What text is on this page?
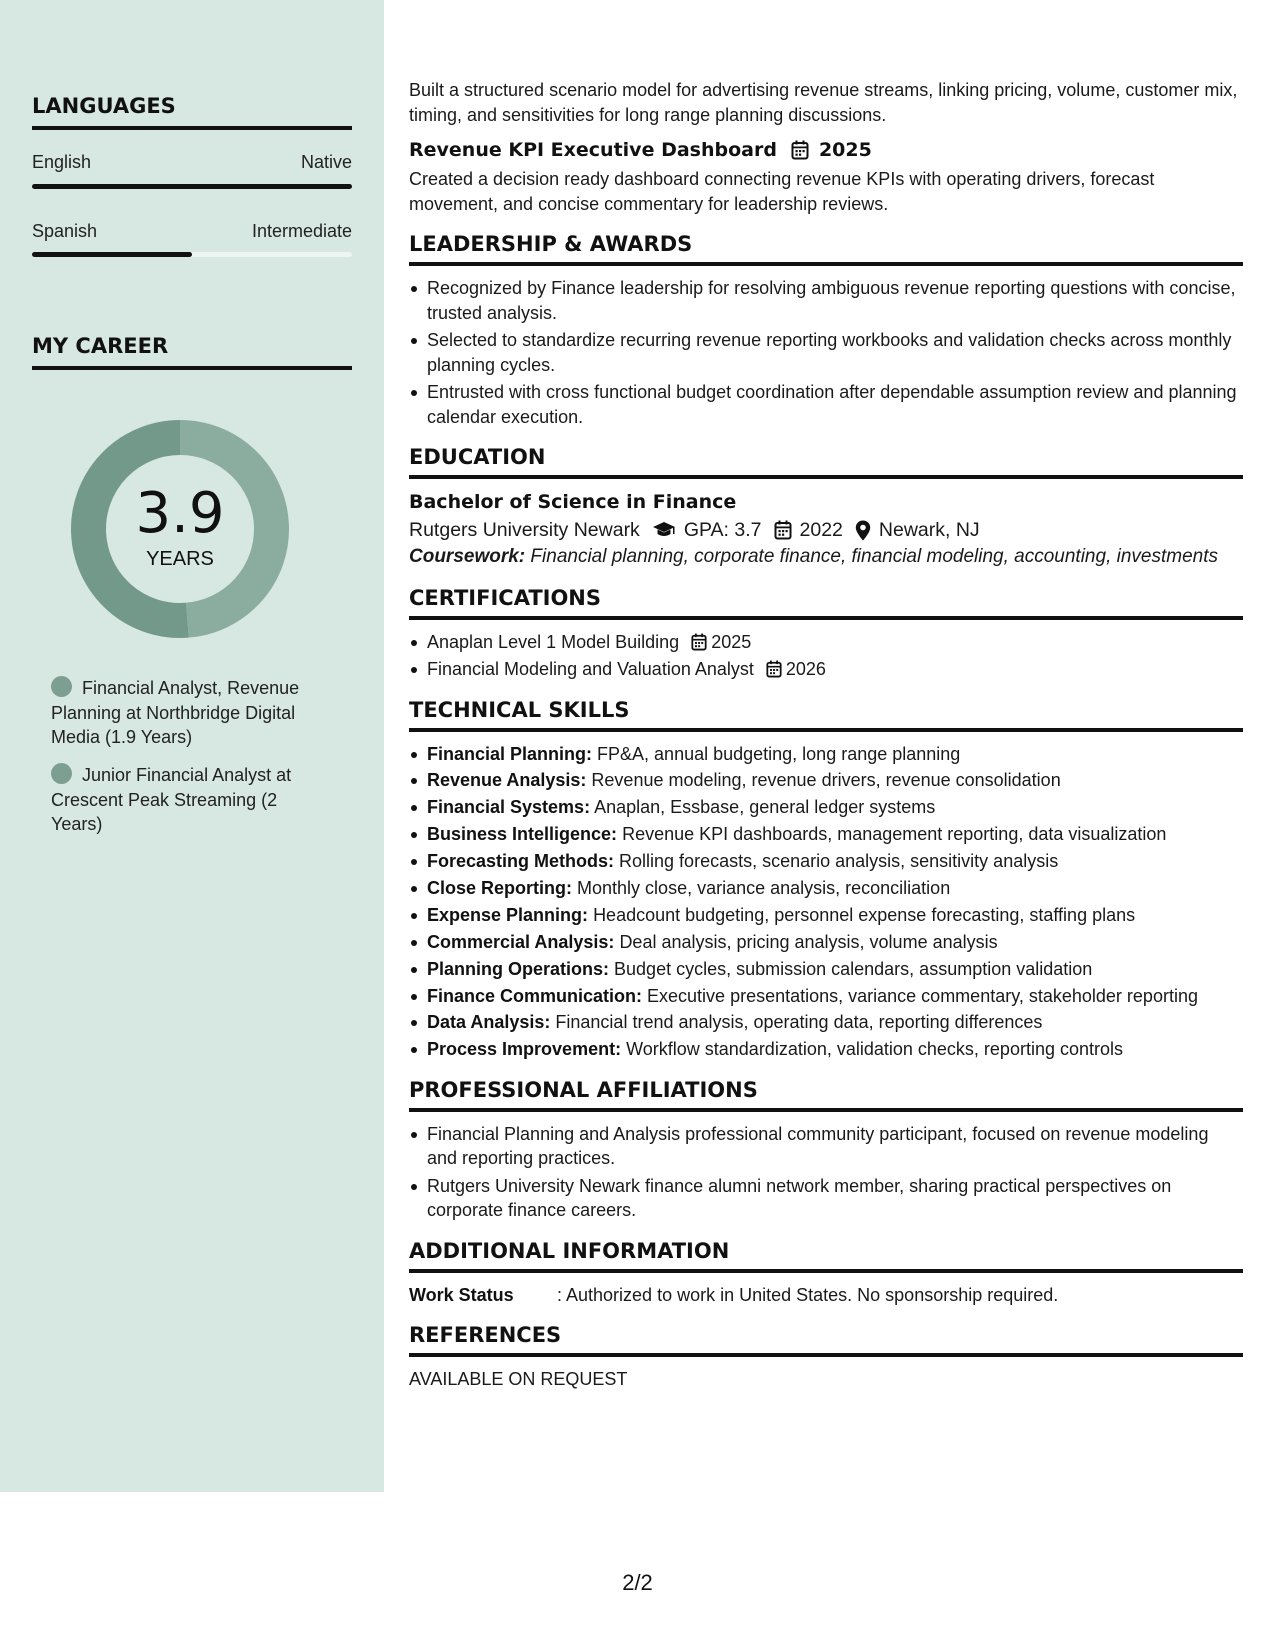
LANGUAGES
English	Native
Spanish	Intermediate
MY CAREER
3.9
YEARS
Financial Analyst, Revenue Planning at Northbridge Digital Media (1.9 Years)
Junior Financial Analyst at Crescent Peak Streaming (2 Years)

Built a structured scenario model for advertising revenue streams, linking pricing, volume, customer mix, timing, and sensitivities for long range planning discussions.

Revenue KPI Executive Dashboard 2025

Created a decision ready dashboard connecting revenue KPIs with operating drivers, forecast movement, and concise commentary for leadership reviews.

LEADERSHIP & AWARDS
Recognized by Finance leadership for resolving ambiguous revenue reporting questions with concise, trusted analysis.
Selected to standardize recurring revenue reporting workbooks and validation checks across monthly planning cycles.
Entrusted with cross functional budget coordination after dependable assumption review and planning calendar execution.
EDUCATION
Bachelor of Science in Finance
Rutgers University Newark GPA: 3.7 2022 Newark, NJ

Coursework: Financial planning, corporate finance, financial modeling, accounting, investments

CERTIFICATIONS
Anaplan Level 1 Model Building 2025
Financial Modeling and Valuation Analyst 2026
TECHNICAL SKILLS
Financial Planning: FP&A, annual budgeting, long range planning
Revenue Analysis: Revenue modeling, revenue drivers, revenue consolidation
Financial Systems: Anaplan, Essbase, general ledger systems
Business Intelligence: Revenue KPI dashboards, management reporting, data visualization
Forecasting Methods: Rolling forecasts, scenario analysis, sensitivity analysis
Close Reporting: Monthly close, variance analysis, reconciliation
Expense Planning: Headcount budgeting, personnel expense forecasting, staffing plans
Commercial Analysis: Deal analysis, pricing analysis, volume analysis
Planning Operations: Budget cycles, submission calendars, assumption validation
Finance Communication: Executive presentations, variance commentary, stakeholder reporting
Data Analysis: Financial trend analysis, operating data, reporting differences
Process Improvement: Workflow standardization, validation checks, reporting controls
PROFESSIONAL AFFILIATIONS
Financial Planning and Analysis professional community participant, focused on revenue modeling and reporting practices.
Rutgers University Newark finance alumni network member, sharing practical perspectives on corporate finance careers.
ADDITIONAL INFORMATION
Work Status	: Authorized to work in United States. No sponsorship required.
REFERENCES

AVAILABLE ON REQUEST

2/2
